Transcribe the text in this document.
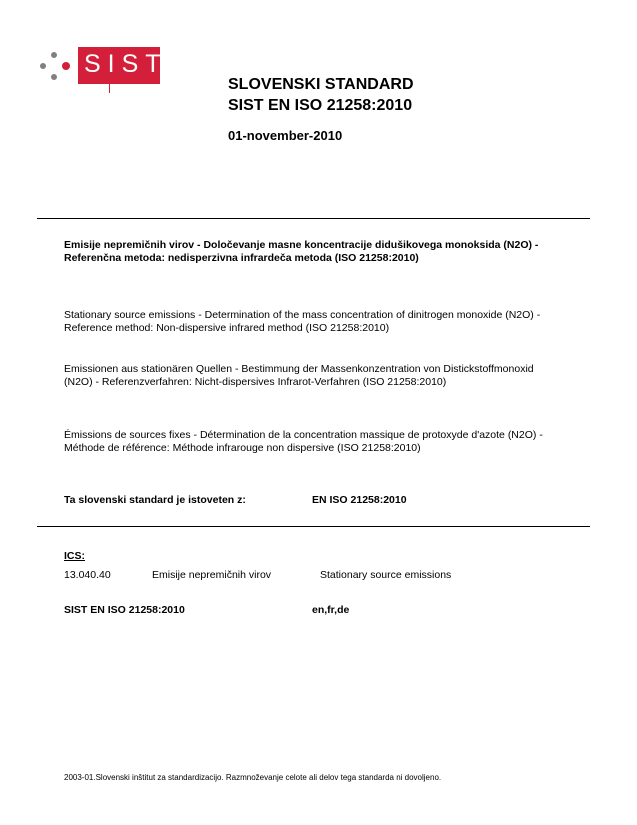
SIST
SLOVENSKI STANDARD
SIST EN ISO 21258:2010
01-november-2010
Emisije nepremičnih virov - Določevanje masne koncentracije didušikovega monoksida (N2O) - Referenčna metoda: nedisperzivna infrardeča metoda (ISO 21258:2010)
Stationary source emissions - Determination of the mass concentration of dinitrogen monoxide (N2O) - Reference method: Non-dispersive infrared method (ISO 21258:2010)
Emissionen aus stationären Quellen - Bestimmung der Massenkonzentration von Distickstoffmonoxid (N2O) - Referenzverfahren: Nicht-dispersives Infrarot-Verfahren (ISO 21258:2010)
Émissions de sources fixes - Détermination de la concentration massique de protoxyde d'azote (N2O) - Méthode de référence: Méthode infrarouge non dispersive (ISO 21258:2010)
Ta slovenski standard je istoveten z:	EN ISO 21258:2010
ICS:
13.040.40	Emisije nepremičnih virov	Stationary source emissions
SIST EN ISO 21258:2010	en,fr,de
2003-01.Slovenski inštitut za standardizacijo. Razmnoževanje celote ali delov tega standarda ni dovoljeno.
